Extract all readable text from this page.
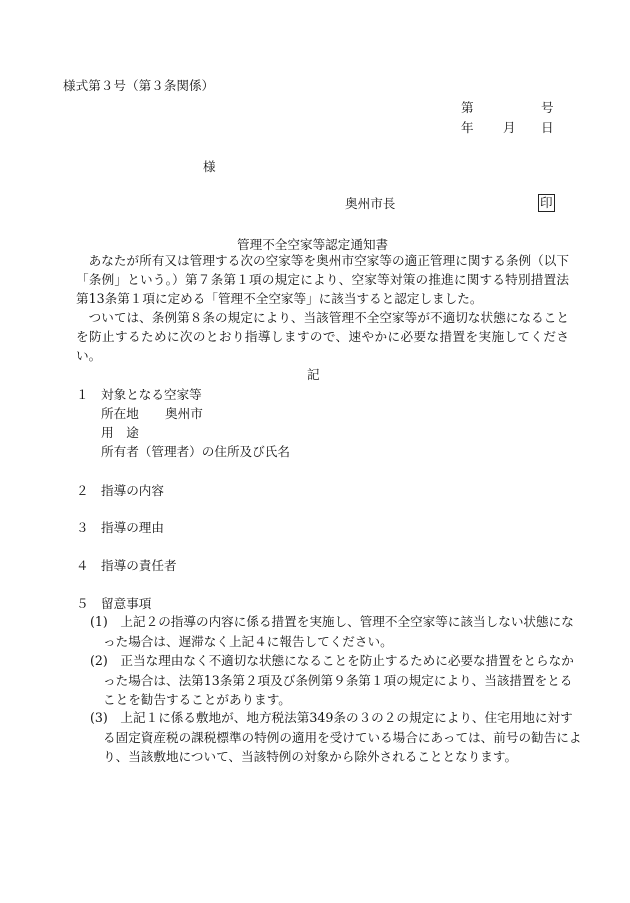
様式第３号（第３条関係）
第	号
年 月 日
様
奥州市長	印
管理不全空家等認定通知書
あなたが所有又は管理する次の空家等を奥州市空家等の適正管理に関する条例（以下「条例」という。）第７条第１項の規定により、空家等対策の推進に関する特別措置法第13条第１項に定める「管理不全空家等」に該当すると認定しました。
ついては、条例第８条の規定により、当該管理不全空家等が不適切な状態になることを防止するために次のとおり指導しますので、速やかに必要な措置を実施してください。
記
１ 対象となる空家等
所在地 奥州市
用　途
所有者（管理者）の住所及び氏名
２ 指導の内容
３ 指導の理由
４ 指導の責任者
５ 留意事項
(1)　上記２の指導の内容に係る措置を実施し、管理不全空家等に該当しない状態になった場合は、遅滞なく上記４に報告してください。
(2)　正当な理由なく不適切な状態になることを防止するために必要な措置をとらなかった場合は、法第13条第２項及び条例第９条第１項の規定により、当該措置をとることを勧告することがあります。
(3)　上記１に係る敷地が、地方税法第349条の３の２の規定により、住宅用地に対する固定資産税の課税標準の特例の適用を受けている場合にあっては、前号の勧告により、当該敷地について、当該特例の対象から除外されることとなります。
